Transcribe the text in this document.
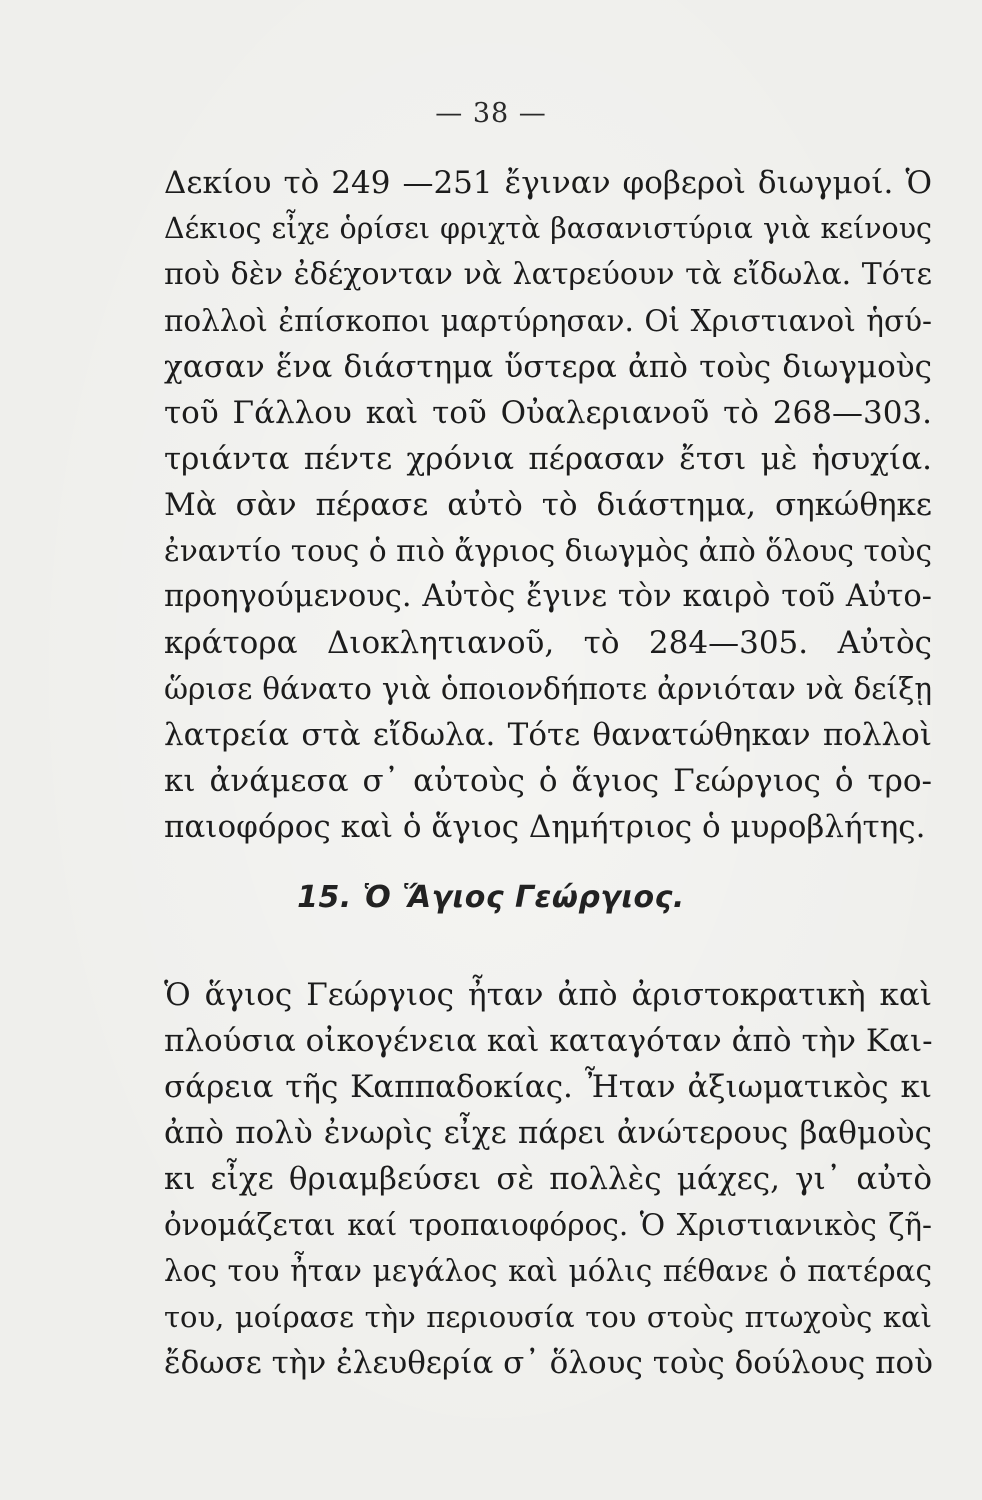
— 38 —
Δεκίου τὸ 249 —251 ἔγιναν φοβεροὶ διωγμοί. Ὁ
Δέκιος εἶχε ὁρίσει φριχτὰ βασανιστύρια γιὰ κείνους
ποὺ δὲν ἐδέχονταν νὰ λατρεύουν τὰ εἴδωλα. Τότε
πολλοὶ ἐπίσκοποι μαρτύρησαν. Οἱ Χριστιανοὶ ἡσύ-
χασαν ἕνα διάστημα ὕστερα ἀπὸ τοὺς διωγμοὺς
τοῦ Γάλλου καὶ τοῦ Οὐαλεριανοῦ τὸ 268—303.
τριάντα πέντε χρόνια πέρασαν ἔτσι μὲ ἡσυχία.
Μὰ σὰν πέρασε αὐτὸ τὸ διάστημα, σηκώθηκε
ἐναντίο τους ὁ πιὸ ἄγριος διωγμὸς ἀπὸ ὅλους τοὺς
προηγούμενους. Αὐτὸς ἔγινε τὸν καιρὸ τοῦ Αὐτο-
κράτορα Διοκλητιανοῦ, τὸ 284—305. Αὐτὸς
ὥρισε θάνατο γιὰ ὁποιονδήποτε ἀρνιόταν νὰ δείξῃ
λατρεία στὰ εἴδωλα. Τότε θανατώθηκαν πολλοὶ
κι ἀνάμεσα σ᾽ αὐτοὺς ὁ ἅγιος Γεώργιος ὁ τρο-
παιοφόρος καὶ ὁ ἅγιος Δημήτριος ὁ μυροβλήτης.
15. Ὁ Ἅγιος Γεώργιος.
Ὁ ἅγιος Γεώργιος ἦταν ἀπὸ ἀριστοκρατικὴ καὶ
πλούσια οἰκογένεια καὶ καταγόταν ἀπὸ τὴν Και-
σάρεια τῆς Καππαδοκίας. Ἦταν ἀξιωματικὸς κι
ἀπὸ πολὺ ἐνωρὶς εἶχε πάρει ἀνώτερους βαθμοὺς
κι εἶχε θριαμβεύσει σὲ πολλὲς μάχες, γι᾽ αὐτὸ
ὀνομάζεται καί τροπαιοφόρος. Ὁ Χριστιανικὸς ζῆ-
λος του ἦταν μεγάλος καὶ μόλις πέθανε ὁ πατέρας
του, μοίρασε τὴν περιουσία του στοὺς πτωχοὺς καὶ
ἔδωσε τὴν ἐλευθερία σ᾽ ὅλους τοὺς δούλους ποὺ
